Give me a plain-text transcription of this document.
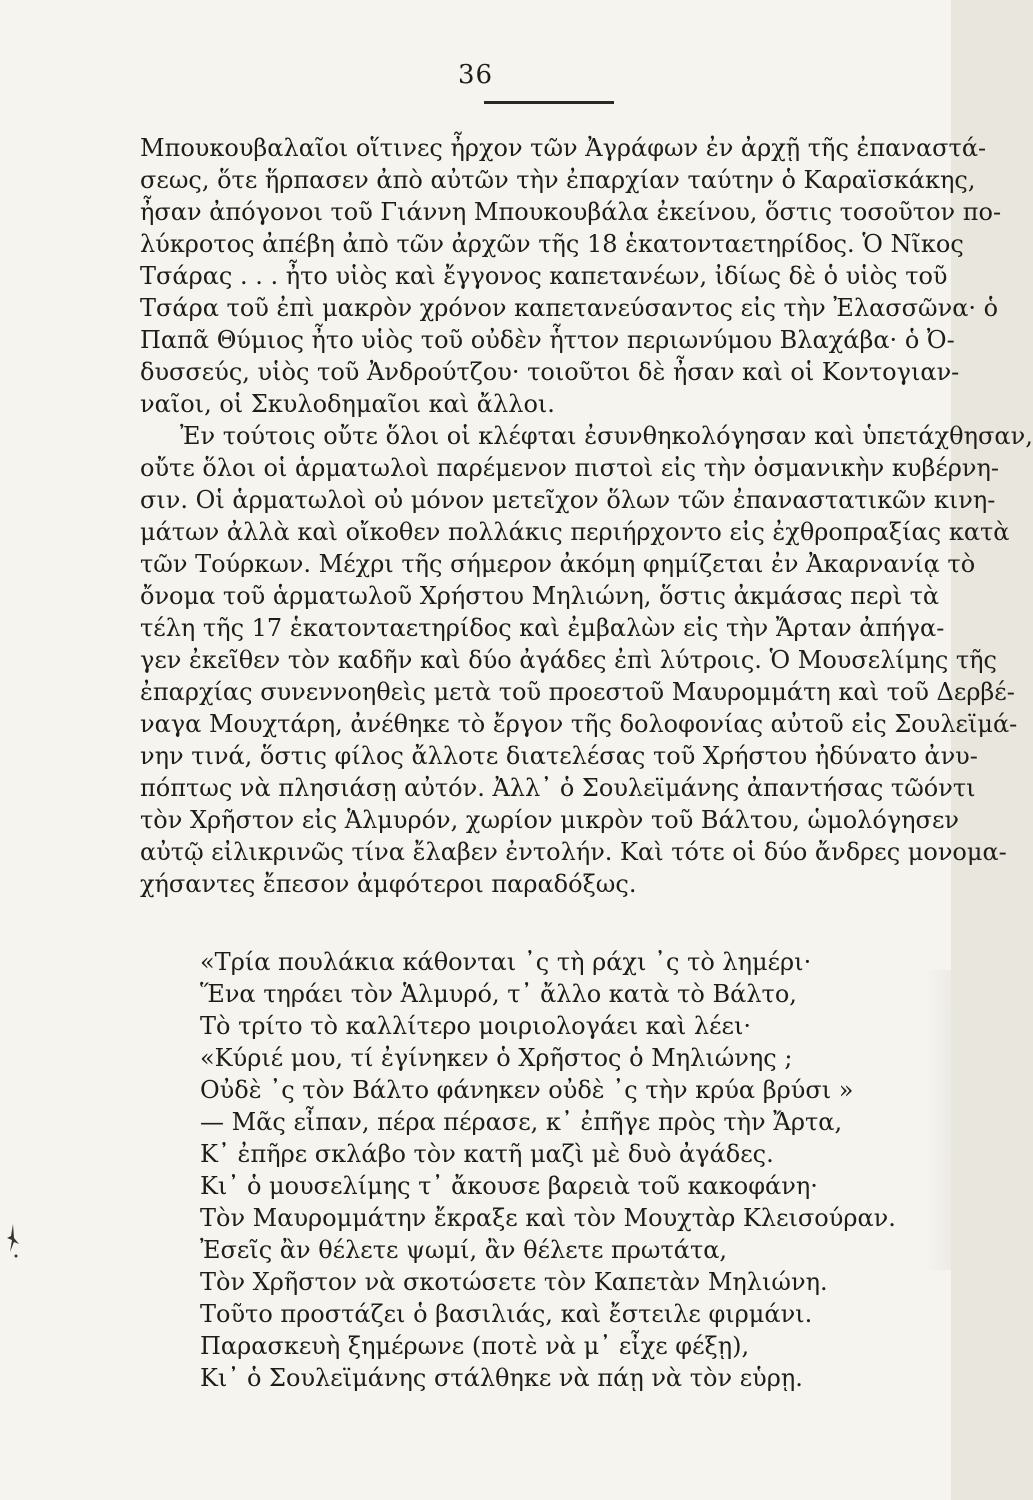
36
Μπουκουβαλαῖοι οἵτινες ἦρχον τῶν Ἀγράφων ἐν ἀρχῇ τῆς ἐπαναστά-
σεως, ὅτε ἥρπασεν ἀπὸ αὐτῶν τὴν ἐπαρχίαν ταύτην ὁ Καραϊσκάκης,
ἦσαν ἀπόγονοι τοῦ Γιάννη Μπουκουβάλα ἐκείνου, ὅστις τοσοῦτον πο-
λύκροτος ἀπέβη ἀπὸ τῶν ἀρχῶν τῆς 18 ἑκατονταετηρίδος. Ὁ Νῖκος
Τσάρας . . . ἦτο υἱὸς καὶ ἔγγονος καπετανέων, ἰδίως δὲ ὁ υἱὸς τοῦ
Τσάρα τοῦ ἐπὶ μακρὸν χρόνον καπετανεύσαντος εἰς τὴν Ἐλασσῶνα· ὁ
Παπᾶ Θύμιος ἦτο υἱὸς τοῦ οὐδὲν ἧττον περιωνύμου Βλαχάβα· ὁ Ὀ-
δυσσεύς, υἱὸς τοῦ Ἀνδρούτζου· τοιοῦτοι δὲ ἦσαν καὶ οἱ Κοντογιαν-
ναῖοι, οἱ Σκυλοδημαῖοι καὶ ἄλλοι.
Ἐν τούτοις οὔτε ὅλοι οἱ κλέφται ἐσυνθηκολόγησαν καὶ ὑπετάχθησαν,
οὔτε ὅλοι οἱ ἁρματωλοὶ παρέμενον πιστοὶ εἰς τὴν ὀσμανικὴν κυβέρνη-
σιν. Οἱ ἁρματωλοὶ οὐ μόνον μετεῖχον ὅλων τῶν ἐπαναστατικῶν κινη-
μάτων ἀλλὰ καὶ οἴκοθεν πολλάκις περιήρχοντο εἰς ἐχθροπραξίας κατὰ
τῶν Τούρκων. Μέχρι τῆς σήμερον ἀκόμη φημίζεται ἐν Ἀκαρνανίᾳ τὸ
ὄνομα τοῦ ἁρματωλοῦ Χρήστου Μηλιώνη, ὅστις ἀκμάσας περὶ τὰ
τέλη τῆς 17 ἑκατονταετηρίδος καὶ ἐμβαλὼν εἰς τὴν Ἄρταν ἀπήγα-
γεν ἐκεῖθεν τὸν καδῆν καὶ δύο ἀγάδες ἐπὶ λύτροις. Ὁ Μουσελίμης τῆς
ἐπαρχίας συνεννοηθεὶς μετὰ τοῦ προεστοῦ Μαυρομμάτη καὶ τοῦ Δερβέ-
ναγα Μουχτάρη, ἀνέθηκε τὸ ἔργον τῆς δολοφονίας αὐτοῦ εἰς Σουλεϊμά-
νην τινά, ὅστις φίλος ἄλλοτε διατελέσας τοῦ Χρήστου ἠδύνατο ἀνυ-
πόπτως νὰ πλησιάσῃ αὐτόν. Ἀλλ᾽ ὁ Σουλεϊμάνης ἀπαντήσας τῶόντι
τὸν Χρῆστον εἰς Ἁλμυρόν, χωρίον μικρὸν τοῦ Βάλτου, ὡμολόγησεν
αὐτῷ εἰλικρινῶς τίνα ἔλαβεν ἐντολήν. Καὶ τότε οἱ δύο ἄνδρες μονομα-
χήσαντες ἔπεσον ἀμφότεροι παραδόξως.
«Τρία πουλάκια κάθονται ᾽ς τὴ ράχι ᾽ς τὸ λημέρι·
Ἕνα τηράει τὸν Ἁλμυρό, τ᾽ ἄλλο κατὰ τὸ Βάλτο,
Τὸ τρίτο τὸ καλλίτερο μοιριολογάει καὶ λέει·
«Κύριέ μου, τί ἐγίνηκεν ὁ Χρῆστος ὁ Μηλιώνης ;
Οὐδὲ ᾽ς τὸν Βάλτο φάνηκεν οὐδὲ ᾽ς τὴν κρύα βρύσι »
— Μᾶς εἶπαν, πέρα πέρασε, κ᾽ ἐπῆγε πρὸς τὴν Ἄρτα,
Κ᾽ ἐπῆρε σκλάβο τὸν κατῆ μαζὶ μὲ δυὸ ἀγάδες.
Κι᾽ ὁ μουσελίμης τ᾽ ἄκουσε βαρειὰ τοῦ κακοφάνη·
Τὸν Μαυρομμάτην ἔκραξε καὶ τὸν Μουχτὰρ Κλεισούραν.
Ἐσεῖς ἂν θέλετε ψωμί, ἂν θέλετε πρωτάτα,
Τὸν Χρῆστον νὰ σκοτώσετε τὸν Καπετὰν Μηλιώνη.
Τοῦτο προστάζει ὁ βασιλιάς, καὶ ἔστειλε φιρμάνι.
Παρασκευὴ ξημέρωνε (ποτὲ νὰ μ᾽ εἶχε φέξῃ),
Κι᾽ ὁ Σουλεϊμάνης στάλθηκε νὰ πάῃ νὰ τὸν εὑρῃ.
